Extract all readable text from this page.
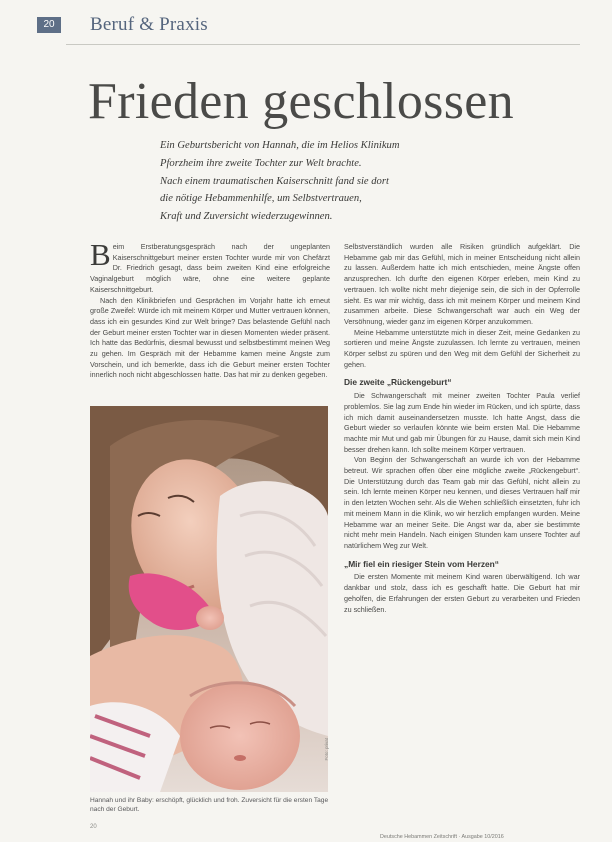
20	Beruf & Praxis
Frieden geschlossen
Ein Geburtsbericht von Hannah, die im Helios Klinikum
Pforzheim ihre zweite Tochter zur Welt brachte.
Nach einem traumatischen Kaiserschnitt fand sie dort
die nötige Hebammenhilfe, um Selbstvertrauen,
Kraft und Zuversicht wiederzugewinnen.

Beim Erstberatungsgespräch nach der ungeplanten Kaiserschnittgeburt meiner ersten Tochter wurde mir von Chefärzt Dr. Friedrich gesagt, dass beim zweiten Kind eine erfolgreiche Vaginalgeburt möglich wäre, ohne eine weitere geplante Kaiserschnittgeburt.

Nach den Klinikbriefen und Gesprächen im Vorjahr hatte ich erneut große Zweifel: Würde ich mit meinem Körper und Mutter vertrauen können, dass ich ein gesundes Kind zur Welt bringe? Das belastende Gefühl nach der Geburt meiner ersten Tochter war in diesen Momenten wieder präsent. Ich hatte das Bedürfnis, diesmal bewusst und selbstbestimmt meinen Weg zu gehen. Im Gespräch mit der Hebamme kamen meine Ängste zum Vorschein, und ich bemerkte, dass ich die Geburt meiner ersten Tochter innerlich noch nicht abgeschlossen hatte. Das hat mir zu denken gegeben.

Foto: privat

Selbstverständlich wurden alle Risiken gründlich aufgeklärt. Die Hebamme gab mir das Gefühl, mich in meiner Entscheidung nicht allein zu lassen. Außerdem hatte ich mich entschieden, meine Ängste offen anzusprechen. Ich durfte den eigenen Körper erleben, mein Kind zu vertrauen. Ich wollte nicht mehr diejenige sein, die sich in der Opferrolle sieht. Es war mir wichtig, dass ich mit meinem Körper und meinem Kind zusammen arbeite. Diese Schwangerschaft war auch ein Weg der Versöhnung, wieder ganz im eigenen Körper anzukommen.

Meine Hebamme unterstützte mich in dieser Zeit, meine Gedanken zu sortieren und meine Ängste zuzulassen. Ich lernte zu vertrauen, meinen Körper selbst zu spüren und den Weg mit dem Gefühl der Sicherheit zu gehen.

Die zweite „Rückengeburt“

Die Schwangerschaft mit meiner zweiten Tochter Paula verlief problemlos. Sie lag zum Ende hin wieder im Rücken, und ich spürte, dass ich mich damit auseinandersetzen musste. Ich hatte Angst, dass die Geburt wieder so verlaufen könnte wie beim ersten Mal. Die Hebamme machte mir Mut und gab mir Übungen für zu Hause, damit sich mein Kind besser drehen kann. Ich sollte meinem Körper vertrauen.

Von Beginn der Schwangerschaft an wurde ich von der Hebamme betreut. Wir sprachen offen über eine mögliche zweite „Rückengeburt“. Die Unterstützung durch das Team gab mir das Gefühl, nicht allein zu sein. Ich lernte meinen Körper neu kennen, und dieses Vertrauen half mir in den letzten Wochen sehr. Als die Wehen schließlich einsetzten, fuhr ich mit meinem Mann in die Klinik, wo wir herzlich empfangen wurden. Meine Hebamme war an meiner Seite. Die Angst war da, aber sie bestimmte nicht mehr mein Handeln. Nach einigen Stunden kam unsere Tochter auf natürlichem Weg zur Welt.

„Mir fiel ein riesiger Stein vom Herzen“

Die ersten Momente mit meinem Kind waren überwältigend. Ich war dankbar und stolz, dass ich es geschafft hatte. Die Geburt hat mir geholfen, die Erfahrungen der ersten Geburt zu verarbeiten und Frieden zu schließen.

Hannah und ihr Baby: erschöpft, glücklich und froh. Zuversicht für die ersten Tage nach der Geburt.
20
Deutsche Hebammen Zeitschrift · Ausgabe 10/2016
